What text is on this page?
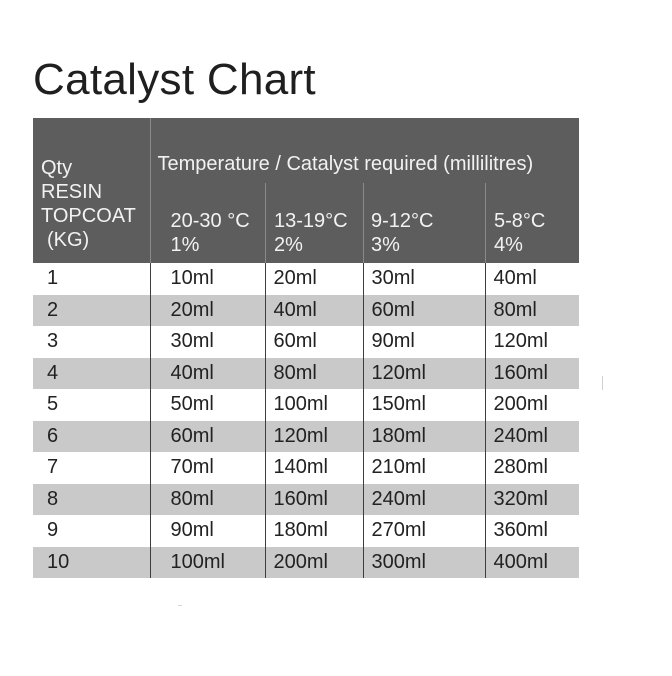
Catalyst Chart
Qty
RESIN
TOPCOAT
(KG)

Temperature / Catalyst required (millilitres)
20-30 °C
1%

13-19°C
2%

9-12°C
3%

5-8°C
4%

1	10ml	20ml	30ml	40ml
2	20ml	40ml	60ml	80ml
3	30ml	60ml	90ml	120ml
4	40ml	80ml	120ml	160ml
5	50ml	100ml	150ml	200ml
6	60ml	120ml	180ml	240ml
7	70ml	140ml	210ml	280ml
8	80ml	160ml	240ml	320ml
9	90ml	180ml	270ml	360ml
10	100ml	200ml	300ml	400ml
